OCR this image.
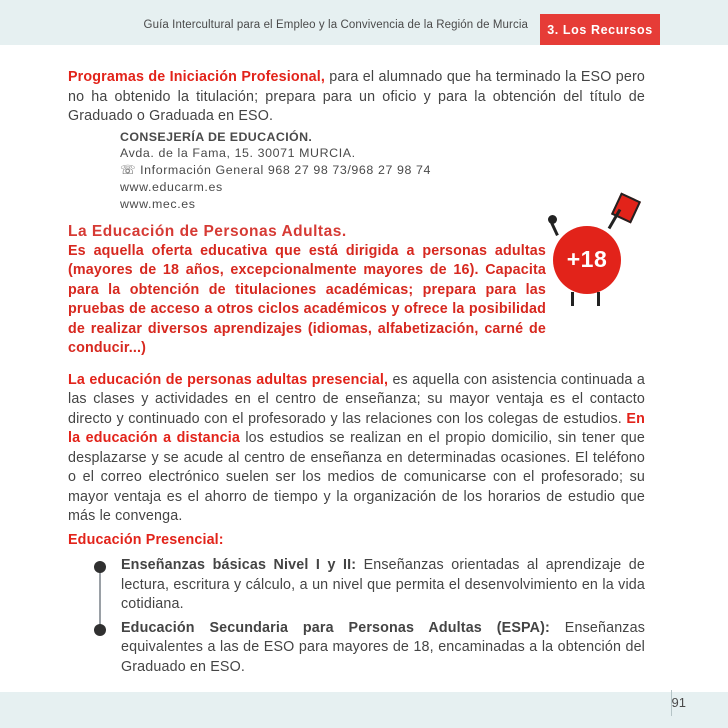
Guía Intercultural para el Empleo y la Convivencia de la Región de Murcia	3. Los Recursos

Programas de Iniciación Profesional, para el alumnado que ha terminado la ESO pero no ha obtenido la titulación; prepara para un oficio y para la obtención del título de Graduado o Graduada en ESO.

CONSEJERÍA DE EDUCACIÓN.
Avda. de la Fama, 15. 30071 MURCIA.
☏ Información General 968 27 98 73/968 27 98 74
www.educarm.es
www.mec.es
La Educación de Personas Adultas.

Es aquella oferta educativa que está dirigida a personas adultas (mayores de 18 años, excepcionalmente mayores de 16). Capacita para la obtención de titulaciones académicas; prepara para las pruebas de acceso a otros ciclos académicos y ofrece la posibilidad de realizar diversos aprendizajes (idiomas, alfabetización, carné de conducir...)

+18

La educación de personas adultas presencial, es aquella con asistencia continuada a las clases y actividades en el centro de enseñanza; su mayor ventaja es el contacto directo y continuado con el profesorado y las relaciones con los colegas de estudios. En la educación a distancia los estudios se realizan en el propio domicilio, sin tener que desplazarse y se acude al centro de enseñanza en determinadas ocasiones. El teléfono o el correo electrónico suelen ser los medios de comunicarse con el profesorado; su mayor ventaja es el ahorro de tiempo y la organización de los horarios de estudio que más le convenga.

Educación Presencial:
Enseñanzas básicas Nivel I y II: Enseñanzas orientadas al aprendizaje de lectura, escritura y cálculo, a un nivel que permita el desenvolvimiento en la vida cotidiana.
Educación Secundaria para Personas Adultas (ESPA): Enseñanzas equivalentes a las de ESO para mayores de 18, encaminadas a la obtención del Graduado en ESO.
91
